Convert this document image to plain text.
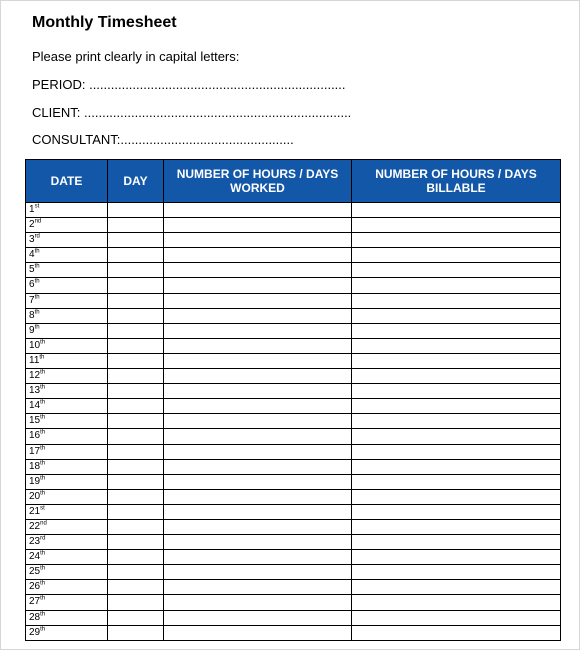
Monthly Timesheet
Please print clearly in capital letters:
PERIOD: .......................................................................
CLIENT: ..........................................................................
CONSULTANT:................................................
DATE	DAY	NUMBER OF HOURS / DAYS WORKED	NUMBER OF HOURS / DAYS BILLABLE
1st			
2nd			
3rd			
4th			
5th			
6th			
7th			
8th			
9th			
10th			
11th			
12th			
13th			
14th			
15th			
16th			
17th			
18th			
19th			
20th			
21st			
22nd			
23rd			
24th			
25th			
26th			
27th			
28th			
29th			
